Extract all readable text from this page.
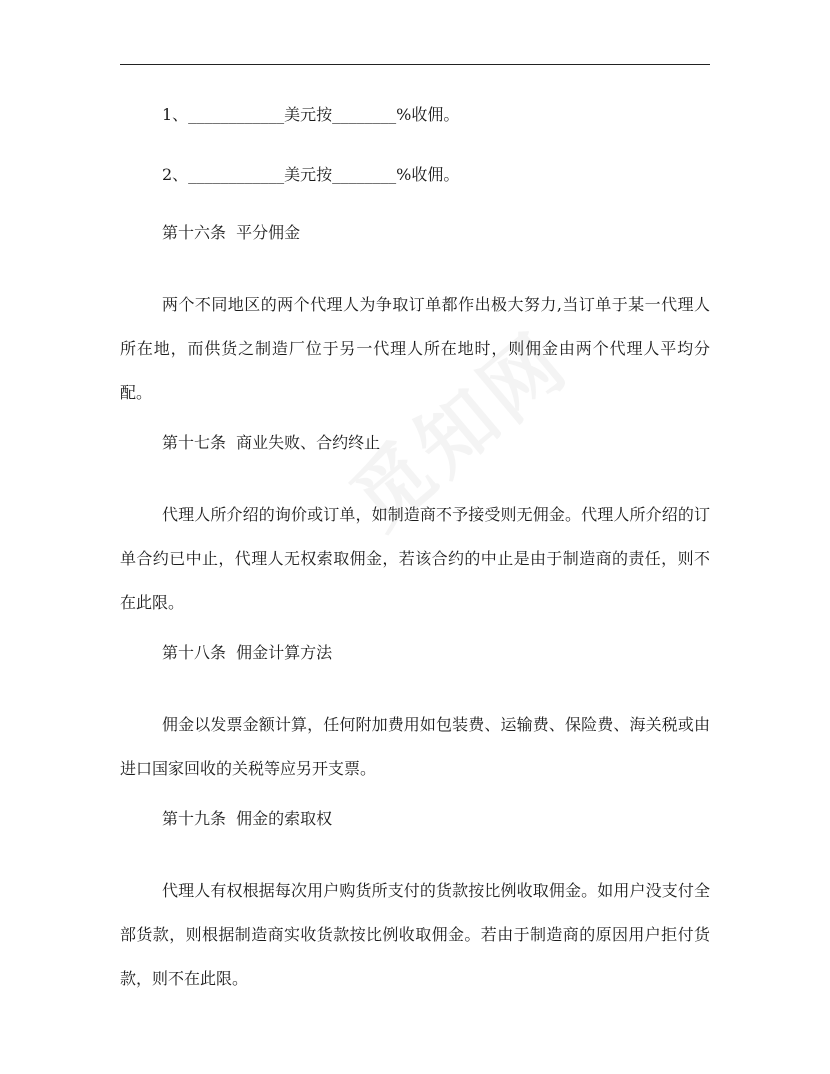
1、____________美元按________%收佣。
2、____________美元按________%收佣。
第十六条  平分佣金
两个不同地区的两个代理人为争取订单都作出极大努力,当订单于某一代理人所在地，而供货之制造厂位于另一代理人所在地时，则佣金由两个代理人平均分配。
第十七条  商业失败、合约终止
代理人所介绍的询价或订单，如制造商不予接受则无佣金。代理人所介绍的订单合约已中止，代理人无权索取佣金，若该合约的中止是由于制造商的责任，则不在此限。
第十八条  佣金计算方法
佣金以发票金额计算，任何附加费用如包装费、运输费、保险费、海关税或由进口国家回收的关税等应另开支票。
第十九条  佣金的索取权
代理人有权根据每次用户购货所支付的货款按比例收取佣金。如用户没支付全部货款，则根据制造商实收货款按比例收取佣金。若由于制造商的原因用户拒付货款，则不在此限。
